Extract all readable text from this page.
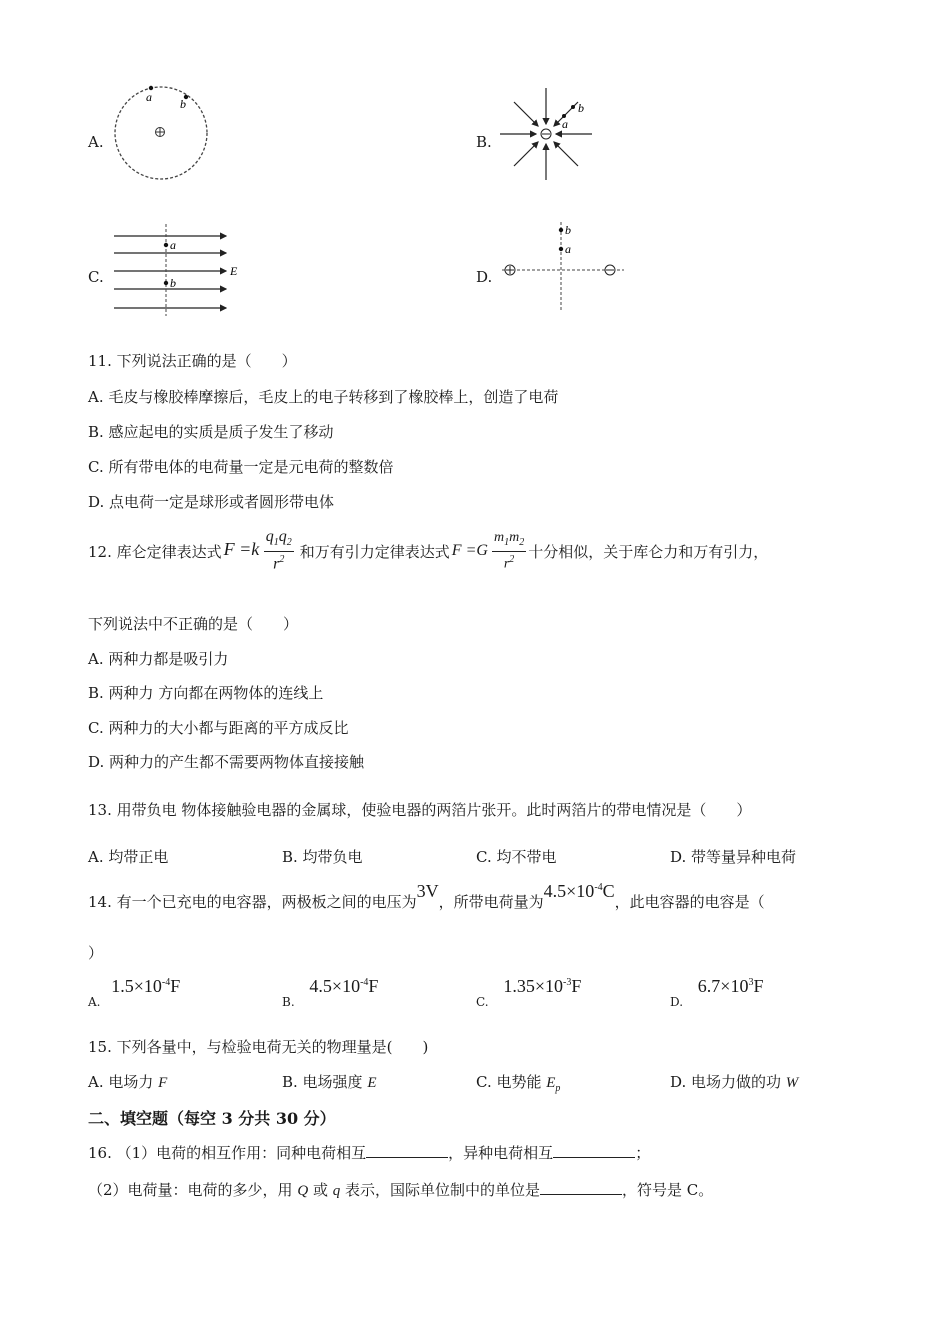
A.
a b
B.
a
b
C.
a
b
E	D.
b
a
11. 下列说法正确的是（　　）
A. 毛皮与橡胶棒摩擦后，毛皮上的电子转移到了橡胶棒上，创造了电荷
B. 感应起电的实质是质子发生了移动
C. 所有带电体的电荷量一定是元电荷的整数倍
D. 点电荷一定是球形或者圆形带电体
12. 库仑定律表达式 $F =k \frac{q_1q_2}{r^2}$ 和万有引力定律表达式 $F =G \frac{m_1m_2}{r^2}$ 十分相似，关于库仑力和万有引力，
下列说法中不正确的是（　　）
A. 两种力都是吸引力
B. 两种力 方向都在两物体的连线上
C. 两种力的大小都与距离的平方成反比
D. 两种力的产生都不需要两物体直接接触
13. 用带负电 物体接触验电器的金属球，使验电器的两箔片张开。此时两箔片的带电情况是（　　）
A. 均带正电	B. 均带负电	C. 均不带电	D. 带等量异种电荷
14. 有一个已充电的电容器，两极板之间的电压为
3V
，所带电荷量为
$4.5\times 10^{-4}C$
，此电容器的电容是（
）
$_{A.}$ $1.5\times 10^{-4}F$
$_{B.}$ $4.5\times 10^{-4}F$
$_{C.}$ $1.35\times 10^{-3}F$
$_{D.}$ $6.7\times 10^3F$
15. 下列各量中，与检验电荷无关的物理量是(　　)
A. 电场力 F	B. 电场强度 E	C. 电势能 $E_p$	D. 电场力做的功 W
二、填空题（每空 3 分共 30 分）
16. （1）电荷的相互作用：同种电荷相互	，异种电荷相互	；
（2）电荷量：电荷的多少，用 Q 或 q 表示，国际单位制中的单位是	，符号是 C。
